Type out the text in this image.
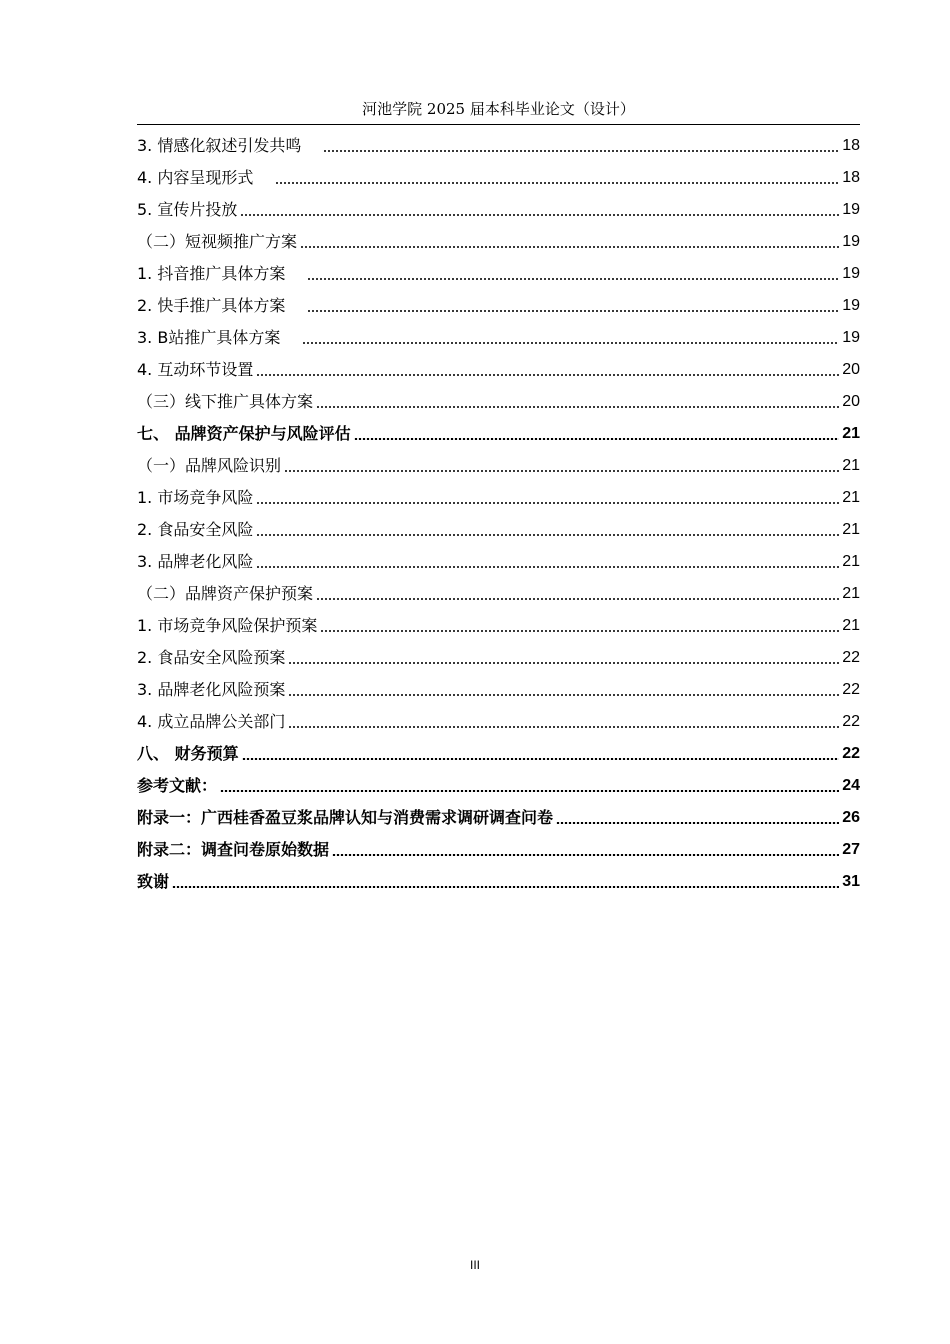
河池学院 2025 届本科毕业论文（设计）
3. 情感化叙述引发共鸣	18
4. 内容呈现形式	18
5. 宣传片投放	19
（二）短视频推广方案	19
1. 抖音推广具体方案	19
2. 快手推广具体方案	19
3. B站推广具体方案	19
4. 互动环节设置	20
（三）线下推广具体方案	20
七、 品牌资产保护与风险评估	21
（一）品牌风险识别	21
1. 市场竞争风险	21
2. 食品安全风险	21
3. 品牌老化风险	21
（二）品牌资产保护预案	21
1. 市场竞争风险保护预案	21
2. 食品安全风险预案	22
3. 品牌老化风险预案	22
4. 成立品牌公关部门	22
八、 财务预算	22
参考文献：	24
附录一：广西桂香盈豆浆品牌认知与消费需求调研调查问卷	26
附录二：调查问卷原始数据	27
致谢	31
III
